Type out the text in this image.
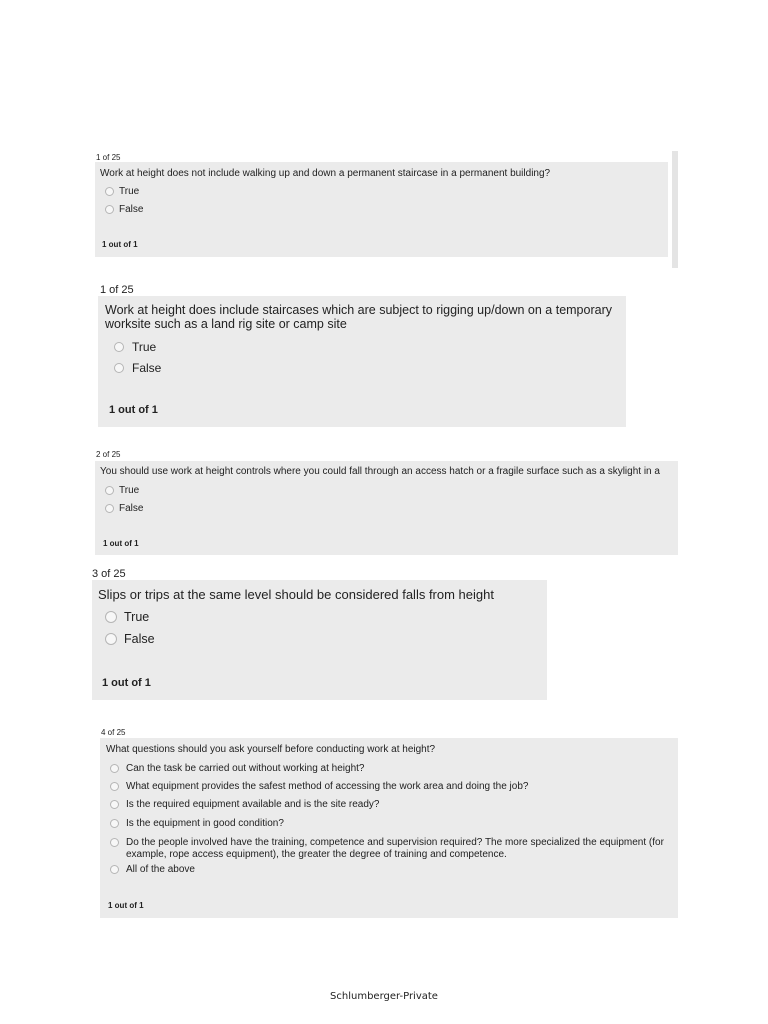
1 of 25
Work at height does not include walking up and down a permanent staircase in a permanent building?
True
False
1 out of 1
1 of 25
Work at height does include staircases which are subject to rigging up/down on a temporary worksite such as a land rig site or camp site
True
False
1 out of 1
2 of 25
You should use work at height controls where you could fall through an access hatch or a fragile surface such as a skylight in a
True
False
1 out of 1
3 of 25
Slips or trips at the same level should be considered falls from height
True
False
1 out of 1
4 of 25
What questions should you ask yourself before conducting work at height?
Can the task be carried out without working at height?
What equipment provides the safest method of accessing the work area and doing the job?
Is the required equipment available and is the site ready?
Is the equipment in good condition?
Do the people involved have the training, competence and supervision required? The more specialized the equipment (for
example, rope access equipment), the greater the degree of training and competence.
All of the above
1 out of 1
Schlumberger-Private
